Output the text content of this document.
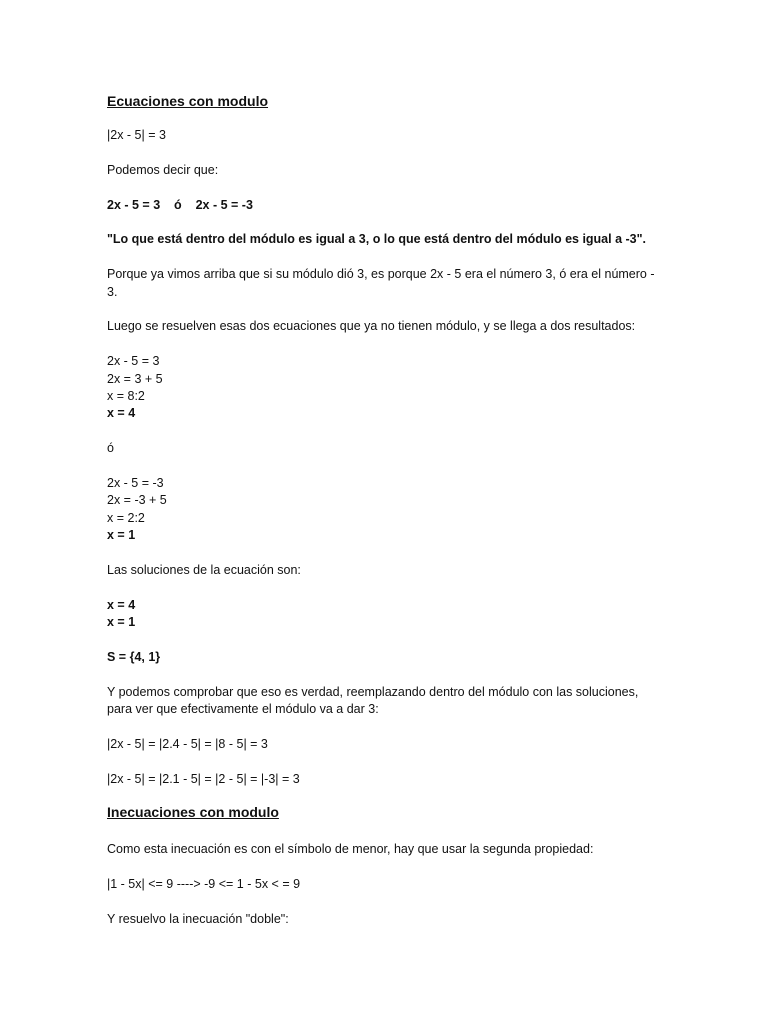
Ecuaciones con modulo
|2x - 5| = 3
Podemos decir que:
2x - 5 = 3    ó    2x - 5 = -3
"Lo que está dentro del módulo es igual a 3, o lo que está dentro del módulo es igual a -3".
Porque ya vimos arriba que si su módulo dió 3, es porque 2x - 5 era el número 3, ó era el número -
3.
Luego se resuelven esas dos ecuaciones que ya no tienen módulo, y se llega a dos resultados:
2x - 5 = 3
2x = 3 + 5
x = 8:2
x = 4
ó
2x - 5 = -3
2x = -3 + 5
x = 2:2
x = 1
Las soluciones de la ecuación son:
x = 4
x = 1
S = {4, 1}
Y podemos comprobar que eso es verdad, reemplazando dentro del módulo con las soluciones,
para ver que efectivamente el módulo va a dar 3:
|2x - 5| = |2.4 - 5| = |8 - 5| = 3
|2x - 5| = |2.1 - 5| = |2 - 5| = |-3| = 3
Inecuaciones con modulo
Como esta inecuación es con el símbolo de menor, hay que usar la segunda propiedad:
|1 - 5x| <= 9 ----> -9 <= 1 - 5x < = 9
Y resuelvo la inecuación "doble":
